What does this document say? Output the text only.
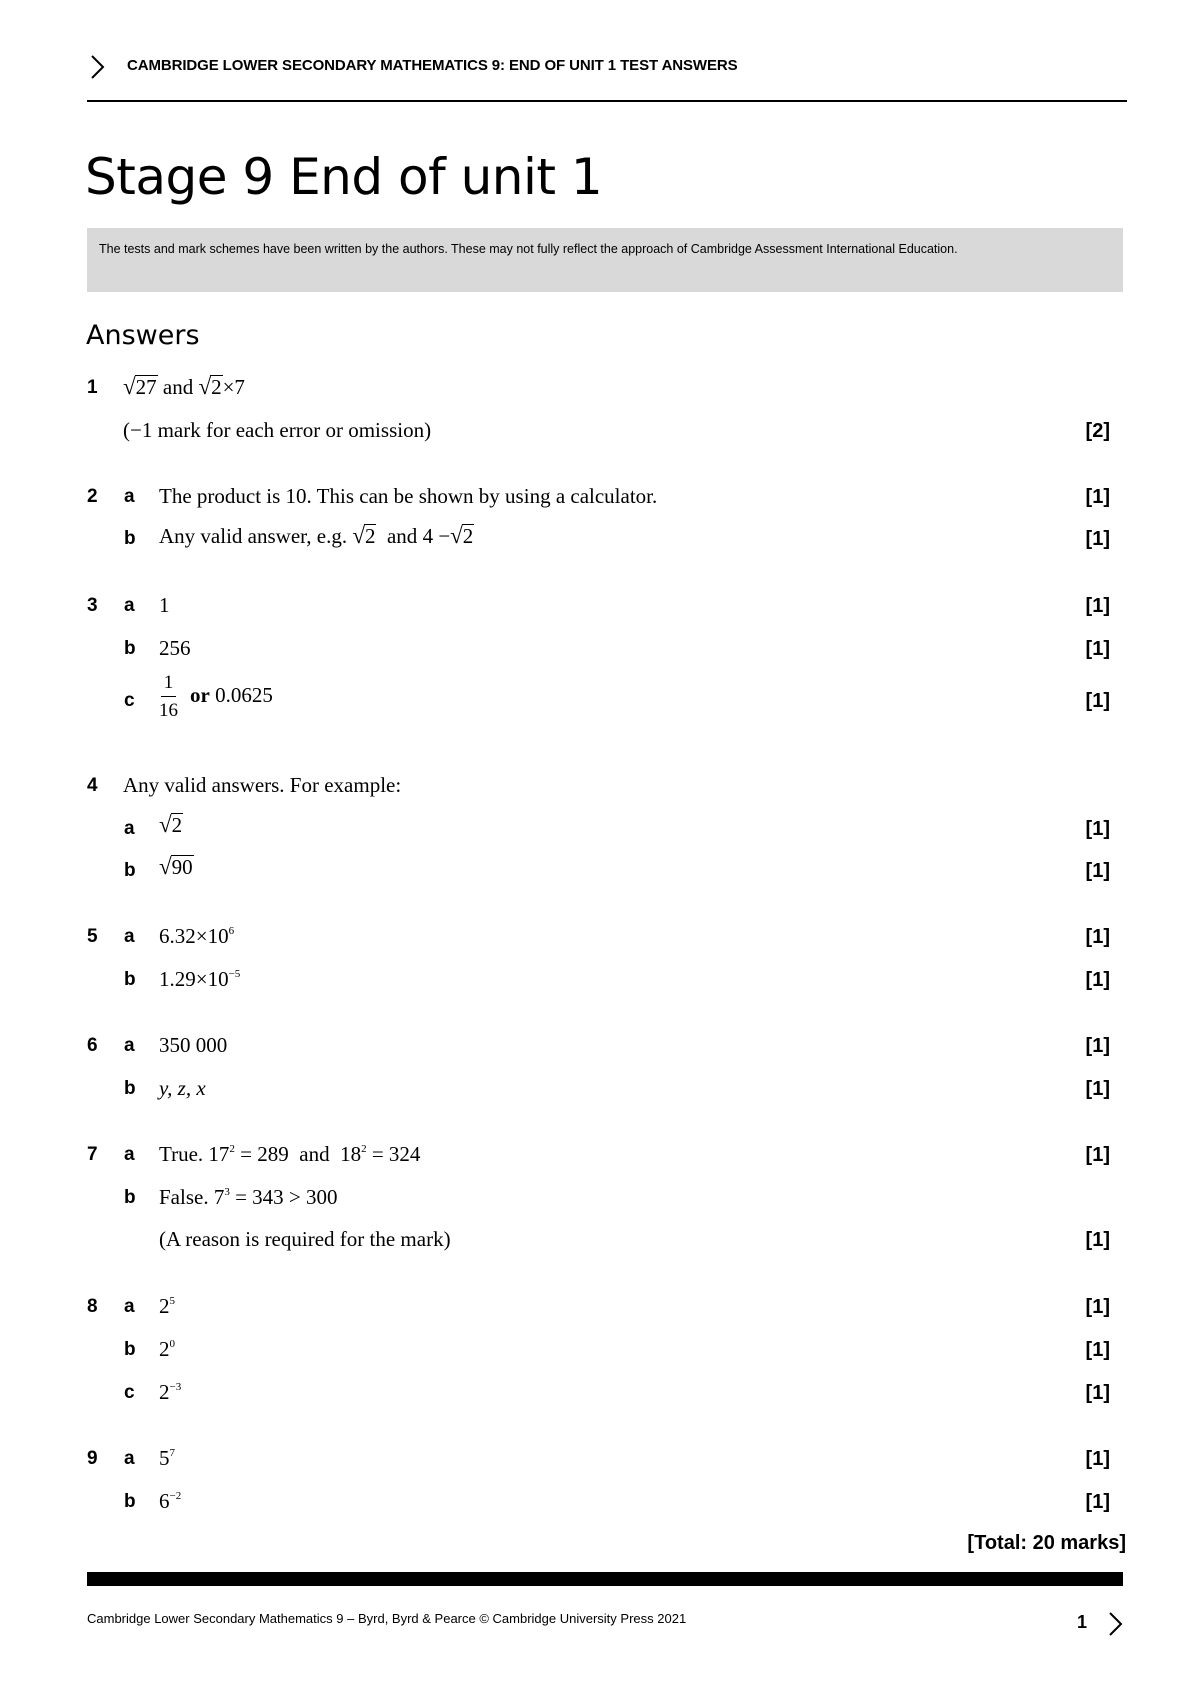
CAMBRIDGE LOWER SECONDARY MATHEMATICS 9: END OF UNIT 1 TEST ANSWERS
Stage 9 End of unit 1
The tests and mark schemes have been written by the authors. These may not fully reflect the approach of Cambridge Assessment International Education.
Answers
1 √27 and √2×7
(−1 mark for each error or omission)	[2]
2 a The product is 10. This can be shown by using a calculator.	[1]
b Any valid answer, e.g. √2 and 4 −√2	[1]
3 a 1	[1]
b 256	[1]
c $\frac{1}{16}$ or 0.0625	[1]
4 Any valid answers. For example:
a √2	[1]
b √90	[1]
5 a $6.32\times 10^6$	[1]
b $1.29\times 10^{-5}$	[1]
6 a 350 000	[1]
b y, z, x	[1]
7 a True. $17^2 = 289$  and  $18^2 = 324$	[1]
b False. $7^3 = 343 > 300$
(A reason is required for the mark)	[1]
8 a $2^5$	[1]
b $2^0$	[1]
c $2^{-3}$	[1]
9 a $5^7$	[1]
b $6^{-2}$	[1]
[Total: 20 marks]
Cambridge Lower Secondary Mathematics 9 – Byrd, Byrd & Pearce © Cambridge University Press 2021	1
